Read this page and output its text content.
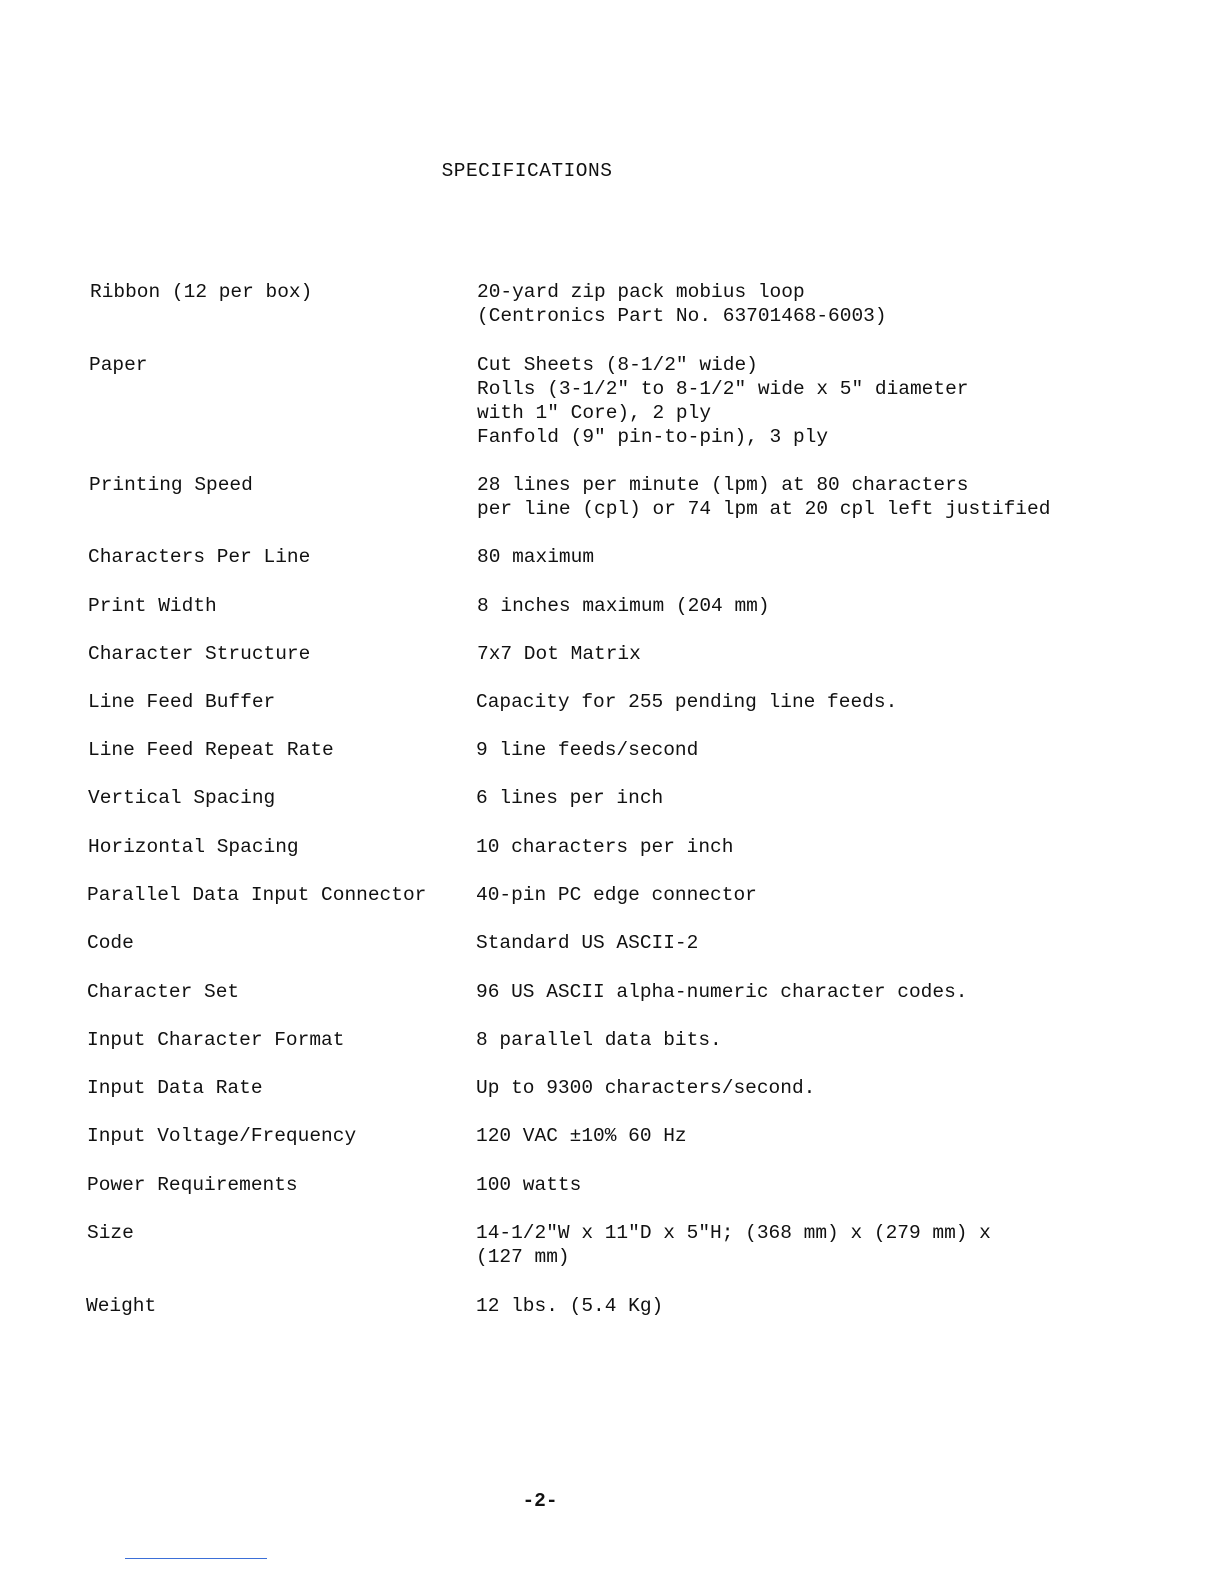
SPECIFICATIONS
Ribbon (12 per box)	20-yard zip pack mobius loop
(Centronics Part No. 63701468-6003)
Paper	Cut Sheets (8-1/2" wide)
Rolls (3-1/2" to 8-1/2" wide x 5" diameter
with 1" Core), 2 ply
Fanfold (9" pin-to-pin), 3 ply
Printing Speed	28 lines per minute (lpm) at 80 characters
per line (cpl) or 74 lpm at 20 cpl left justified
Characters Per Line	80 maximum
Print Width	8 inches maximum (204 mm)
Character Structure	7x7 Dot Matrix
Line Feed Buffer	Capacity for 255 pending line feeds.
Line Feed Repeat Rate	9 line feeds/second
Vertical Spacing	6 lines per inch
Horizontal Spacing	10 characters per inch
Parallel Data Input Connector	40-pin PC edge connector
Code	Standard US ASCII-2
Character Set	96 US ASCII alpha-numeric character codes.
Input Character Format	8 parallel data bits.
Input Data Rate	Up to 9300 characters/second.
Input Voltage/Frequency	120 VAC ±10% 60 Hz
Power Requirements	100 watts
Size	14-1/2"W x 11"D x 5"H; (368 mm) x (279 mm) x
(127 mm)
Weight	12 lbs. (5.4 Kg)
-2-
